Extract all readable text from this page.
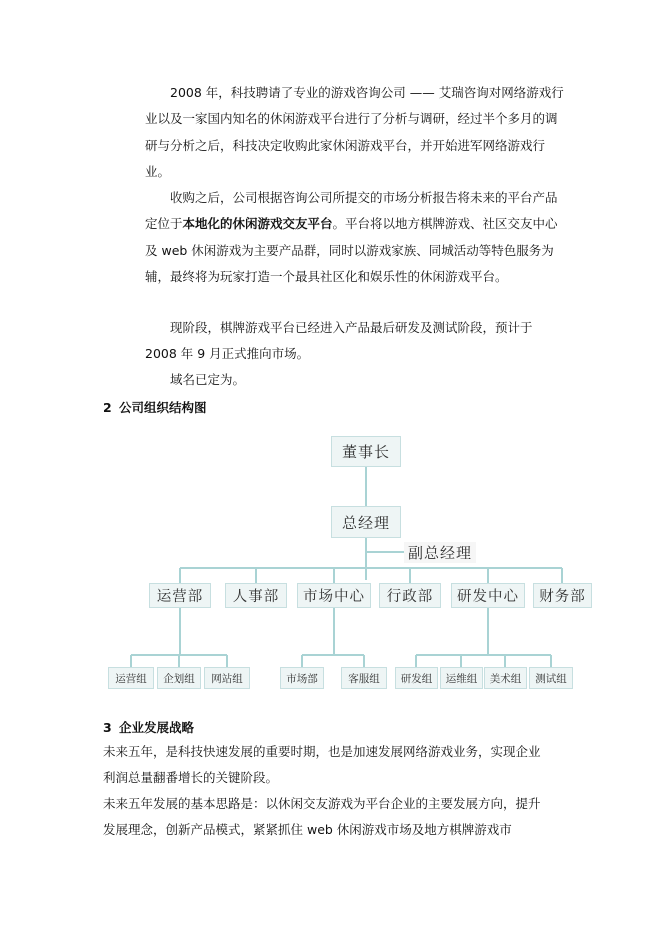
2008 年，科技聘请了专业的游戏咨询公司 —— 艾瑞咨询对网络游戏行业以及一家国内知名的休闲游戏平台进行了分析与调研，经过半个多月的调研与分析之后，科技决定收购此家休闲游戏平台，并开始进军网络游戏行业。

收购之后，公司根据咨询公司所提交的市场分析报告将未来的平台产品定位于本地化的休闲游戏交友平台。平台将以地方棋牌游戏、社区交友中心及 web 休闲游戏为主要产品群，同时以游戏家族、同城活动等特色服务为辅，最终将为玩家打造一个最具社区化和娱乐性的休闲游戏平台。

现阶段，棋牌游戏平台已经进入产品最后研发及测试阶段，预计于 2008 年 9 月正式推向市场。

域名已定为。

2 公司组织结构图

董事长
总经理
副总经理
运营部	人事部	市场中心	行政部	研发中心	财务部
运营组	企划组	网站组	市场部	客服组	研发组	运维组	美术组	测试组

3 企业发展战略

未来五年，是科技快速发展的重要时期，也是加速发展网络游戏业务，实现企业利润总量翻番增长的关键阶段。

未来五年发展的基本思路是：以休闲交友游戏为平台企业的主要发展方向，提升发展理念，创新产品模式，紧紧抓住 web 休闲游戏市场及地方棋牌游戏市
